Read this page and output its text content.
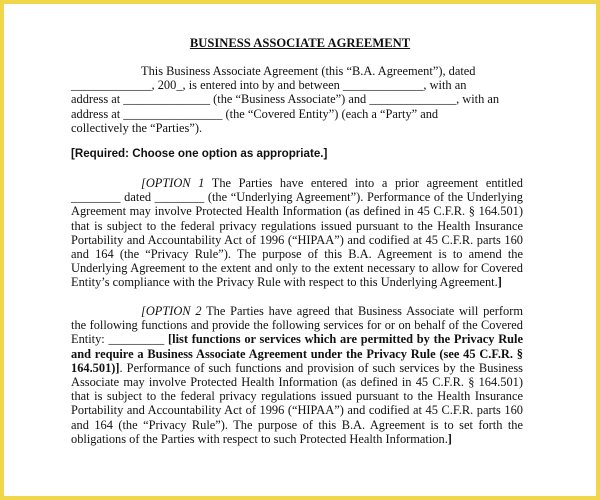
BUSINESS ASSOCIATE AGREEMENT

This Business Associate Agreement (this “B.A. Agreement”), dated

_____________, 200_, is entered into by and between _____________, with an

address at ______________ (the “Business Associate”) and ______________, with an

address at ________________ (the “Covered Entity”) (each a “Party” and

collectively the “Parties”).

[Required: Choose one option as appropriate.]

[OPTION 1 The Parties have entered into a prior agreement entitled ________ dated ________ (the “Underlying Agreement”). Performance of the Underlying Agreement may involve Protected Health Information (as defined in 45 C.F.R. § 164.501) that is subject to the federal privacy regulations issued pursuant to the Health Insurance Portability and Accountability Act of 1996 (“HIPAA”) and codified at 45 C.F.R. parts 160 and 164 (the “Privacy Rule”). The purpose of this B.A. Agreement is to amend the Underlying Agreement to the extent and only to the extent necessary to allow for Covered Entity’s compliance with the Privacy Rule with respect to this Underlying Agreement.]

[OPTION 2 The Parties have agreed that Business Associate will perform the following functions and provide the following services for or on behalf of the Covered Entity: _________ [list functions or services which are permitted by the Privacy Rule and require a Business Associate Agreement under the Privacy Rule (see 45 C.F.R. § 164.501)]. Performance of such functions and provision of such services by the Business Associate may involve Protected Health Information (as defined in 45 C.F.R. § 164.501) that is subject to the federal privacy regulations issued pursuant to the Health Insurance Portability and Accountability Act of 1996 (“HIPAA”) and codified at 45 C.F.R. parts 160 and 164 (the “Privacy Rule”). The purpose of this B.A. Agreement is to set forth the obligations of the Parties with respect to such Protected Health Information.]
